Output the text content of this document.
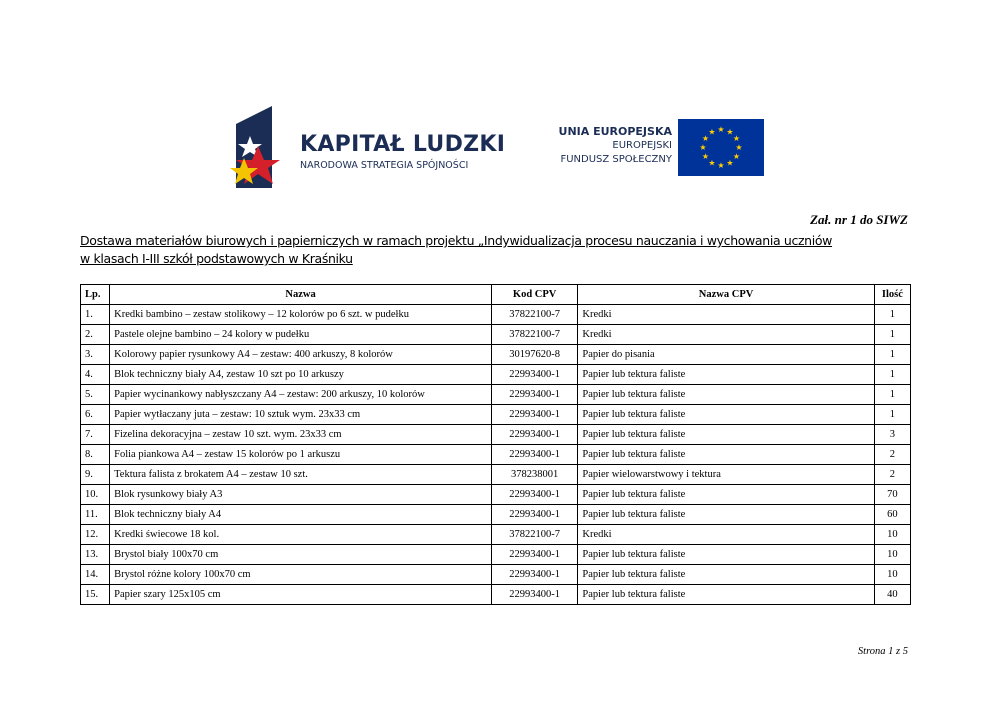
KAPITAŁ LUDZKI
NARODOWA STRATEGIA SPÓJNOŚCI
UNIA EUROPEJSKA
EUROPEJSKI
FUNDUSZ SPOŁECZNY
★ ★
★
★
★
★
★
★
★
★
★
★
Zał. nr 1 do SIWZ
Dostawa materiałów biurowych i papierniczych w ramach projektu „Indywidualizacja procesu nauczania i wychowania uczniów
w klasach I-III szkół podstawowych w Kraśniku
Lp.	Nazwa	Kod CPV	Nazwa CPV	Ilość
1.	Kredki bambino – zestaw stolikowy – 12 kolorów po 6 szt. w pudełku	37822100-7	Kredki	1
2.	Pastele olejne bambino – 24 kolory w pudełku	37822100-7	Kredki	1
3.	Kolorowy papier rysunkowy A4 – zestaw: 400 arkuszy, 8 kolorów	30197620-8	Papier do pisania	1
4.	Blok techniczny biały A4, zestaw 10 szt po 10 arkuszy	22993400-1	Papier lub tektura faliste	1
5.	Papier wycinankowy nabłyszczany A4 – zestaw: 200 arkuszy, 10 kolorów	22993400-1	Papier lub tektura faliste	1
6.	Papier wytłaczany juta – zestaw: 10 sztuk wym. 23x33 cm	22993400-1	Papier lub tektura faliste	1
7.	Fizelina dekoracyjna – zestaw 10 szt. wym. 23x33 cm	22993400-1	Papier lub tektura faliste	3
8.	Folia piankowa A4 – zestaw 15 kolorów po 1 arkuszu	22993400-1	Papier lub tektura faliste	2
9.	Tektura falista z brokatem A4 – zestaw 10 szt.	378238001	Papier wielowarstwowy i tektura	2
10.	Blok rysunkowy biały A3	22993400-1	Papier lub tektura faliste	70
11.	Blok techniczny biały A4	22993400-1	Papier lub tektura faliste	60
12.	Kredki świecowe 18 kol.	37822100-7	Kredki	10
13.	Brystol biały 100x70 cm	22993400-1	Papier lub tektura faliste	10
14.	Brystol różne kolory 100x70 cm	22993400-1	Papier lub tektura faliste	10
15.	Papier szary 125x105 cm	22993400-1	Papier lub tektura faliste	40
Strona 1 z 5
